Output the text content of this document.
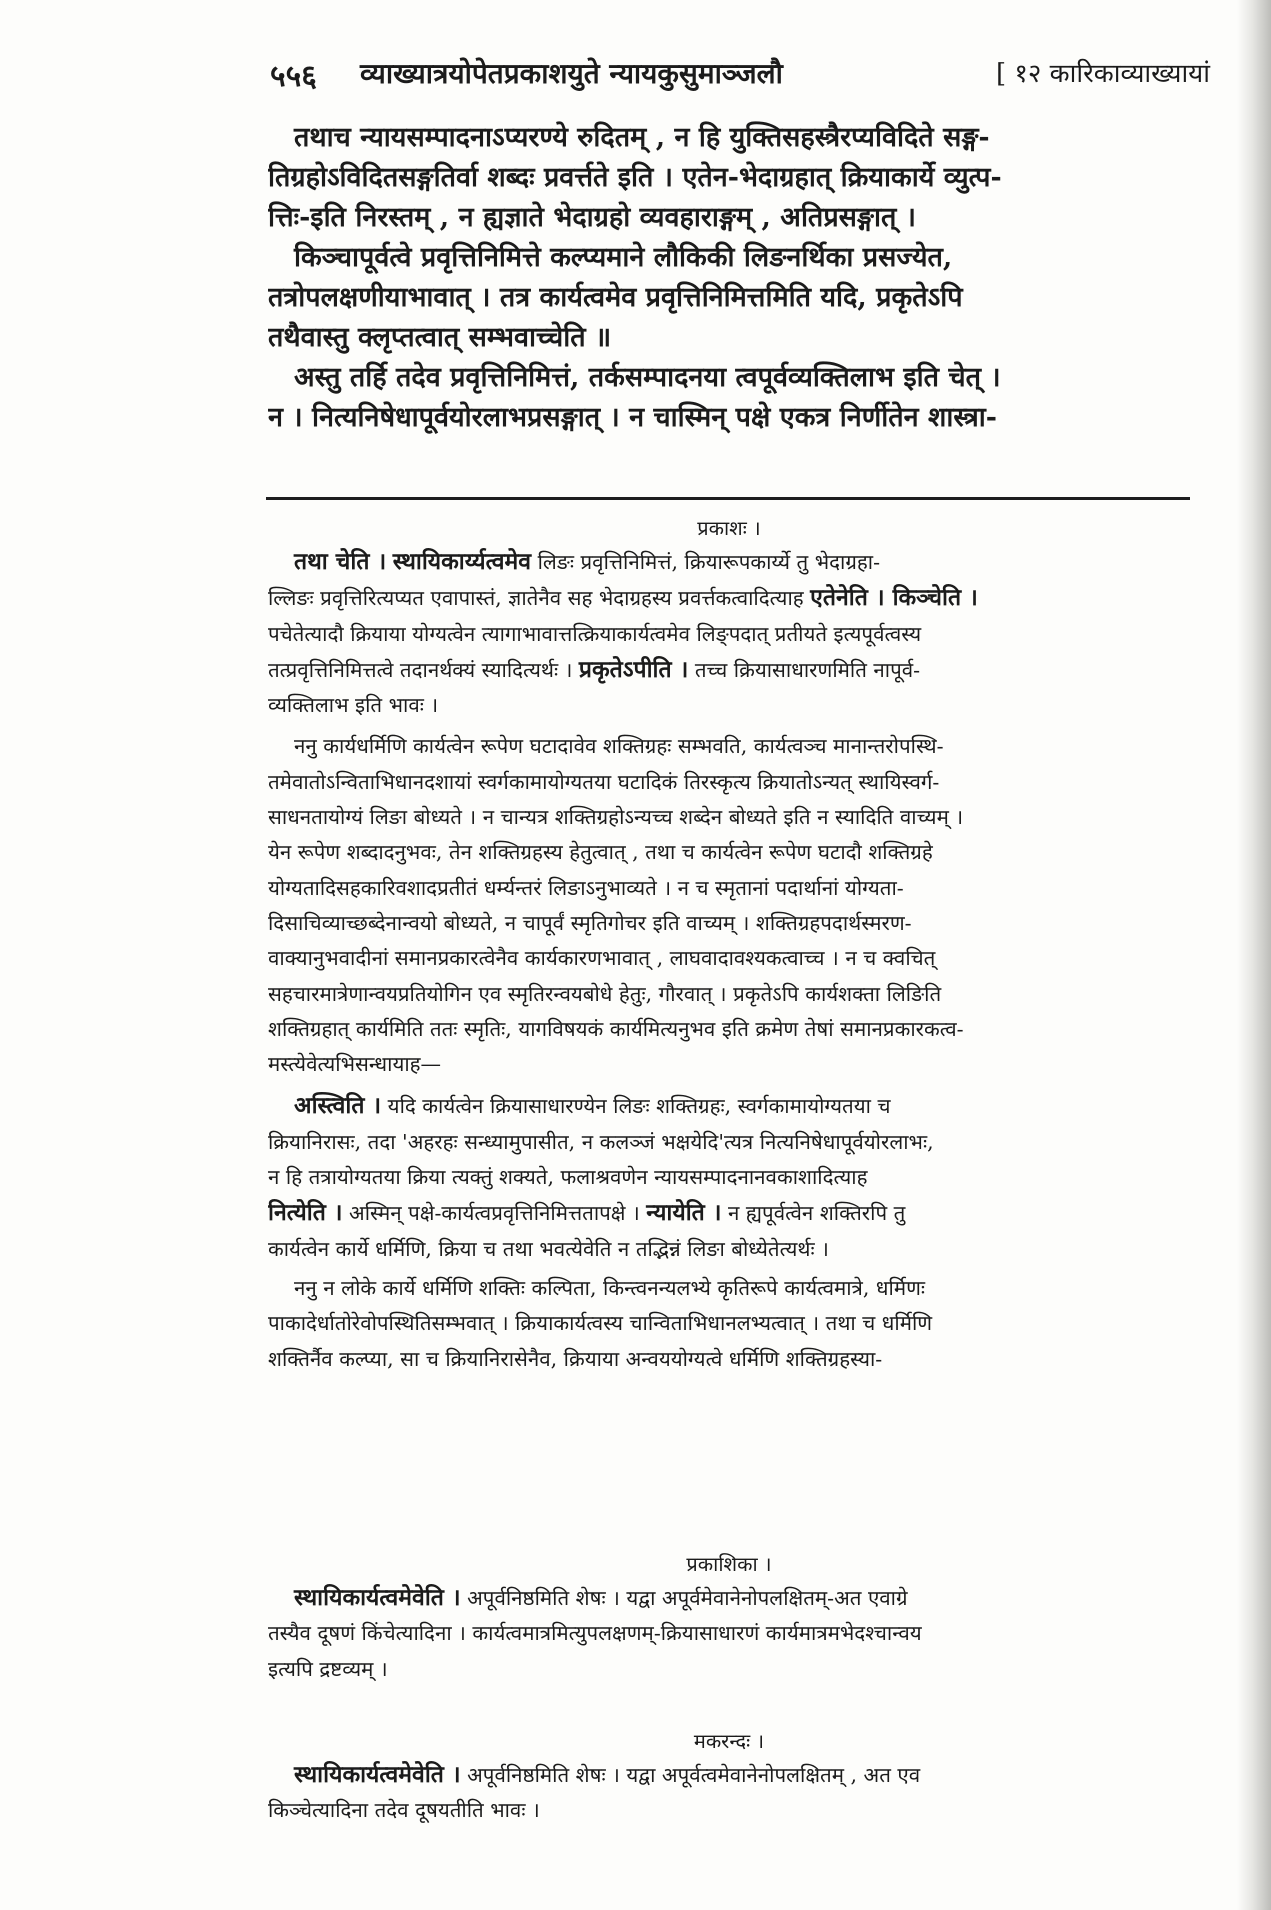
५५६ व्याख्यात्रयोपेतप्रकाशयुते न्यायकुसुमाञ्जलौ	[ १२ कारिकाव्याख्यायां
तथाच न्यायसम्पादनाऽप्यरण्ये रुदितम् , न हि युक्तिसहस्त्रैरप्यविदिते सङ्ग-
तिग्रहोऽविदितसङ्गतिर्वा शब्दः प्रवर्त्तते इति । एतेन-भेदाग्रहात् क्रियाकार्ये व्युत्प-
त्तिः-इति निरस्तम् , न ह्यज्ञाते भेदाग्रहो व्यवहाराङ्गम् , अतिप्रसङ्गात् ।
किञ्चापूर्वत्वे प्रवृत्तिनिमित्ते कल्प्यमाने लौकिकी लिङनर्थिका प्रसज्येत,
तत्रोपलक्षणीयाभावात् । तत्र कार्यत्वमेव प्रवृत्तिनिमित्तमिति यदि, प्रकृतेऽपि
तथैवास्तु क्लृप्तत्वात् सम्भवाच्चेति ॥
अस्तु तर्हि तदेव प्रवृत्तिनिमित्तं, तर्कसम्पादनया त्वपूर्वव्यक्तिलाभ इति चेत् ।
न । नित्यनिषेधापूर्वयोरलाभप्रसङ्गात् । न चास्मिन् पक्षे एकत्र निर्णीतेन शास्त्रा-
प्रकाशः ।
तथा चेति । स्थायिकार्य्यत्वमेव लिङः प्रवृत्तिनिमित्तं, क्रियारूपकार्य्ये तु भेदाग्रहा-
ल्लिङः प्रवृत्तिरित्यप्यत एवापास्तं, ज्ञातेनैव सह भेदाग्रहस्य प्रवर्त्तकत्वादित्याह एतेनेति । किञ्चेति ।
पचेतेत्यादौ क्रियाया योग्यत्वेन त्यागाभावात्तत्क्रियाकार्यत्वमेव लिङ्पदात् प्रतीयते इत्यपूर्वत्वस्य
तत्प्रवृत्तिनिमित्तत्वे तदानर्थक्यं स्यादित्यर्थः । प्रकृतेऽपीति । तच्च क्रियासाधारणमिति नापूर्व-
व्यक्तिलाभ इति भावः ।
ननु कार्यधर्मिणि कार्यत्वेन रूपेण घटादावेव शक्तिग्रहः सम्भवति, कार्यत्वञ्च मानान्तरोपस्थि-
तमेवातोऽन्विताभिधानदशायां स्वर्गकामायोग्यतया घटादिकं तिरस्कृत्य क्रियातोऽन्यत् स्थायिस्वर्ग-
साधनतायोग्यं लिङा बोध्यते । न चान्यत्र शक्तिग्रहोऽन्यच्च शब्देन बोध्यते इति न स्यादिति वाच्यम् ।
येन रूपेण शब्दादनुभवः, तेन शक्तिग्रहस्य हेतुत्वात् , तथा च कार्यत्वेन रूपेण घटादौ शक्तिग्रहे
योग्यतादिसहकारिवशादप्रतीतं धर्म्यन्तरं लिङाऽनुभाव्यते । न च स्मृतानां पदार्थानां योग्यता-
दिसाचिव्याच्छब्देनान्वयो बोध्यते, न चापूर्वं स्मृतिगोचर इति वाच्यम् । शक्तिग्रहपदार्थस्मरण-
वाक्यानुभवादीनां समानप्रकारत्वेनैव कार्यकारणभावात् , लाघवादावश्यकत्वाच्च । न च क्वचित्
सहचारमात्रेणान्वयप्रतियोगिन एव स्मृतिरन्वयबोधे हेतुः, गौरवात् । प्रकृतेऽपि कार्यशक्ता लिङिति
शक्तिग्रहात् कार्यमिति ततः स्मृतिः, यागविषयकं कार्यमित्यनुभव इति क्रमेण तेषां समानप्रकारकत्व-
मस्त्येवेत्यभिसन्धायाह—
अस्त्विति । यदि कार्यत्वेन क्रियासाधारण्येन लिङः शक्तिग्रहः, स्वर्गकामायोग्यतया च
क्रियानिरासः, तदा 'अहरहः सन्ध्यामुपासीत, न कलञ्जं भक्षयेदि'त्यत्र नित्यनिषेधापूर्वयोरलाभः,
न हि तत्रायोग्यतया क्रिया त्यक्तुं शक्यते, फलाश्रवणेन न्यायसम्पादनानवकाशादित्याह
नित्येति । अस्मिन् पक्षे-कार्यत्वप्रवृत्तिनिमित्ततापक्षे । न्यायेति । न ह्यपूर्वत्वेन शक्तिरपि तु
कार्यत्वेन कार्ये धर्मिणि, क्रिया च तथा भवत्येवेति न तद्भिन्नं लिङा बोध्येतेत्यर्थः ।
ननु न लोके कार्ये धर्मिणि शक्तिः कल्पिता, किन्त्वनन्यलभ्ये कृतिरूपे कार्यत्वमात्रे, धर्मिणः
पाकादेर्धातोरेवोपस्थितिसम्भवात् । क्रियाकार्यत्वस्य चान्विताभिधानलभ्यत्वात् । तथा च धर्मिणि
शक्तिर्नैव कल्प्या, सा च क्रियानिरासेनैव, क्रियाया अन्वययोग्यत्वे धर्मिणि शक्तिग्रहस्या-
प्रकाशिका ।
स्थायिकार्यत्वमेवेति । अपूर्वनिष्ठमिति शेषः । यद्वा अपूर्वमेवानेनोपलक्षितम्-अत एवाग्रे
तस्यैव दूषणं किंचेत्यादिना । कार्यत्वमात्रमित्युपलक्षणम्-क्रियासाधारणं कार्यमात्रमभेदश्चान्वय
इत्यपि द्रष्टव्यम् ।
मकरन्दः ।
स्थायिकार्यत्वमेवेति । अपूर्वनिष्ठमिति शेषः । यद्वा अपूर्वत्वमेवानेनोपलक्षितम् , अत एव
किञ्चेत्यादिना तदेव दूषयतीति भावः ।
